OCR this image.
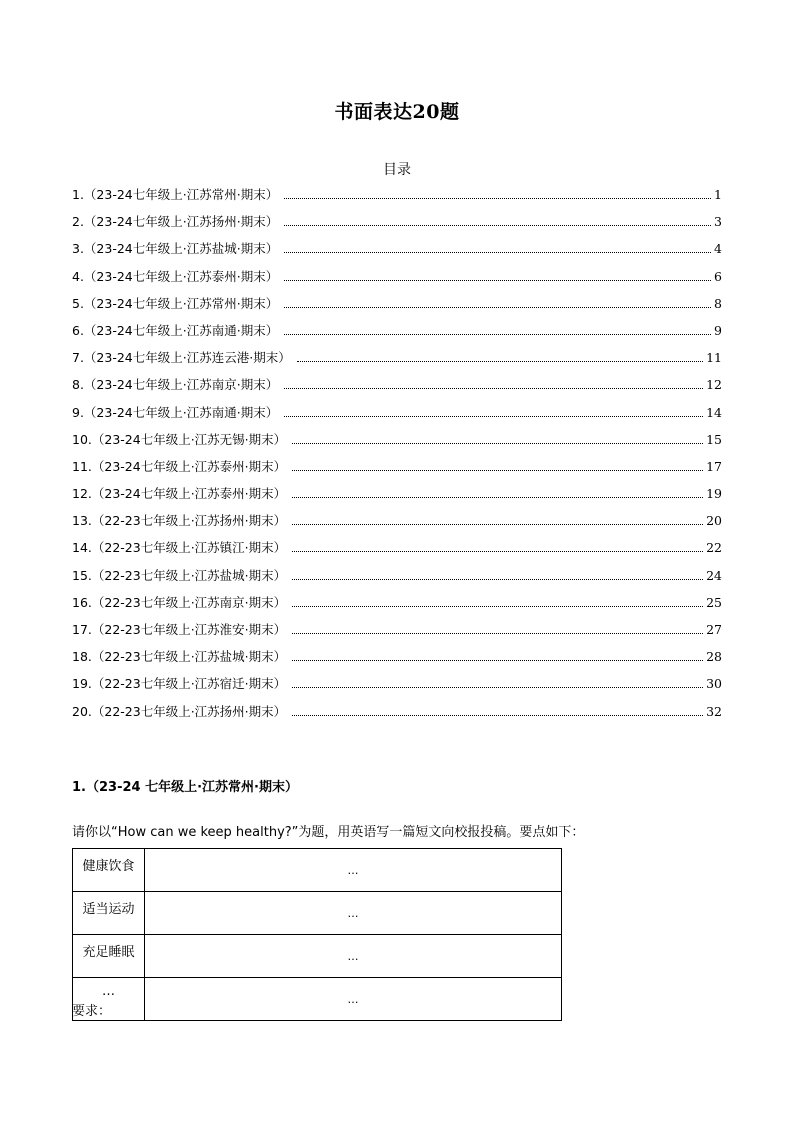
书面表达20题
目录
1.（23-24七年级上·江苏常州·期末）	1
2.（23-24七年级上·江苏扬州·期末）	3
3.（23-24七年级上·江苏盐城·期末）	4
4.（23-24七年级上·江苏泰州·期末）	6
5.（23-24七年级上·江苏常州·期末）	8
6.（23-24七年级上·江苏南通·期末）	9
7.（23-24七年级上·江苏连云港·期末）	11
8.（23-24七年级上·江苏南京·期末）	12
9.（23-24七年级上·江苏南通·期末）	14
10.（23-24七年级上·江苏无锡·期末）	15
11.（23-24七年级上·江苏泰州·期末）	17
12.（23-24七年级上·江苏泰州·期末）	19
13.（22-23七年级上·江苏扬州·期末）	20
14.（22-23七年级上·江苏镇江·期末）	22
15.（22-23七年级上·江苏盐城·期末）	24
16.（22-23七年级上·江苏南京·期末）	25
17.（22-23七年级上·江苏淮安·期末）	27
18.（22-23七年级上·江苏盐城·期末）	28
19.（22-23七年级上·江苏宿迁·期末）	30
20.（22-23七年级上·江苏扬州·期末）	32
1.（23-24 七年级上·江苏常州·期末）
请你以“How can we keep healthy?”为题，用英语写一篇短文向校报投稿。要点如下：
健康饮食	…
适当运动	…
充足睡眠	…
…	…
要求：
